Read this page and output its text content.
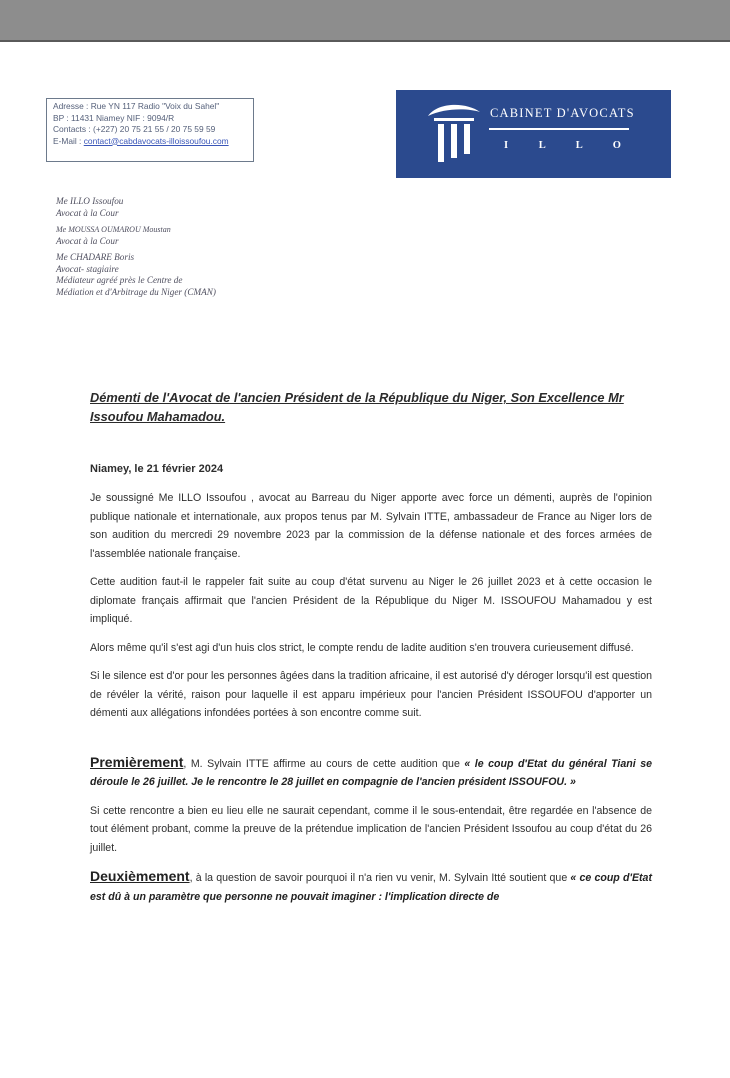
Adresse : Rue YN 117 Radio "Voix du Sahel"
BP : 11431 Niamey NIF : 9094/R
Contacts : (+227) 20 75 21 55 / 20 75 59 59
E-Mail : contact@cabdavocats-illoissoufou.com
CABINET D'AVOCATS
I L L O
Me ILLO Issoufou
Avocat à la Cour
Me MOUSSA OUMAROU Moustan
Avocat à la Cour
Me CHADARE Boris
Avocat- stagiaire
Médiateur agréé près le Centre de
Médiation et d'Arbitrage du Niger (CMAN)
Démenti de l'Avocat de l'ancien Président de la République du Niger, Son Excellence Mr Issoufou Mahamadou.
Niamey, le 21 février 2024

Je soussigné Me ILLO Issoufou , avocat au Barreau du Niger apporte avec force un démenti, auprès de l'opinion publique nationale et internationale, aux propos tenus par M. Sylvain ITTE, ambassadeur de France au Niger lors de son audition du mercredi 29 novembre 2023 par la commission de la défense nationale et des forces armées de l'assemblée nationale française.

Cette audition faut-il le rappeler fait suite au coup d'état survenu au Niger le 26 juillet 2023 et à cette occasion le diplomate français affirmait que l'ancien Président de la République du Niger M. ISSOUFOU Mahamadou y est impliqué.

Alors même qu'il s'est agi d'un huis clos strict, le compte rendu de ladite audition s'en trouvera curieusement diffusé.

Si le silence est d'or pour les personnes âgées dans la tradition africaine, il est autorisé d'y déroger lorsqu'il est question de révéler la vérité, raison pour laquelle il est apparu impérieux pour l'ancien Président ISSOUFOU d'apporter un démenti aux allégations infondées portées à son encontre comme suit.

Premièrement, M. Sylvain ITTE affirme au cours de cette audition que « le coup d'Etat du général Tiani se déroule le 26 juillet. Je le rencontre le 28 juillet en compagnie de l'ancien président ISSOUFOU. »

Si cette rencontre a bien eu lieu elle ne saurait cependant, comme il le sous-entendait, être regardée en l'absence de tout élément probant, comme la preuve de la prétendue implication de l'ancien Président Issoufou au coup d'état du 26 juillet.

Deuxièmement, à la question de savoir pourquoi il n'a rien vu venir, M. Sylvain Itté soutient que « ce coup d'Etat est dû à un paramètre que personne ne pouvait imaginer : l'implication directe de
